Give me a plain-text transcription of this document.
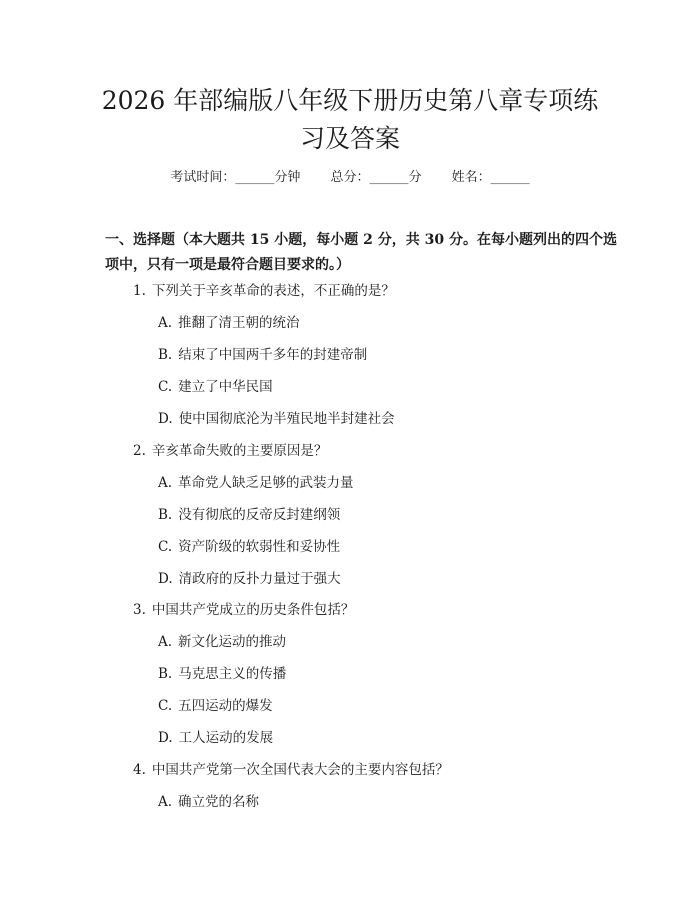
2026 年部编版八年级下册历史第八章专项练习及答案
考试时间：______分钟 总分：______分 姓名：______

一、选择题（本大题共 15 小题，每小题 2 分，共 30 分。在每小题列出的四个选项中，只有一项是最符合题目要求的。）

1. 下列关于辛亥革命的表述，不正确的是？
A. 推翻了清王朝的统治
B. 结束了中国两千多年的封建帝制
C. 建立了中华民国
D. 使中国彻底沦为半殖民地半封建社会
2. 辛亥革命失败的主要原因是？
A. 革命党人缺乏足够的武装力量
B. 没有彻底的反帝反封建纲领
C. 资产阶级的软弱性和妥协性
D. 清政府的反扑力量过于强大
3. 中国共产党成立的历史条件包括？
A. 新文化运动的推动
B. 马克思主义的传播
C. 五四运动的爆发
D. 工人运动的发展
4. 中国共产党第一次全国代表大会的主要内容包括？
A. 确立党的名称
